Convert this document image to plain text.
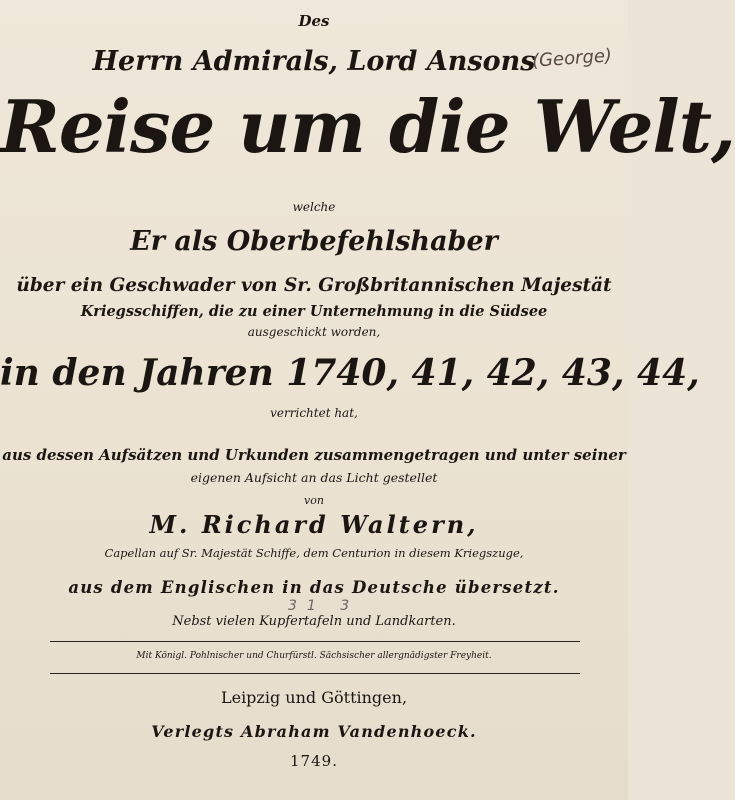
Des
Herrn Admirals, Lord Ansons
(George)
Reise um die Welt,
welche
Er als Oberbefehlshaber
über ein Geschwader von Sr. Großbritannischen Majestät
Kriegsschiffen, die zu einer Unternehmung in die Südsee
ausgeschickt worden,
in den Jahren 1740, 41, 42, 43, 44,
verrichtet hat,
aus dessen Aufsätzen und Urkunden zusammengetragen und unter seiner
eigenen Aufsicht an das Licht gestellet
von
M. Richard Waltern,
Capellan auf Sr. Majestät Schiffe, dem Centurion in diesem Kriegszuge,
aus dem Englischen in das Deutsche übersetzt.
31 3
Nebst vielen Kupfertafeln und Landkarten.
Mit Königl. Pohlnischer und Churfürstl. Sächsischer allergnädigster Freyheit.
Leipzig und Göttingen,
Verlegts Abraham Vandenhoeck.
1749.
